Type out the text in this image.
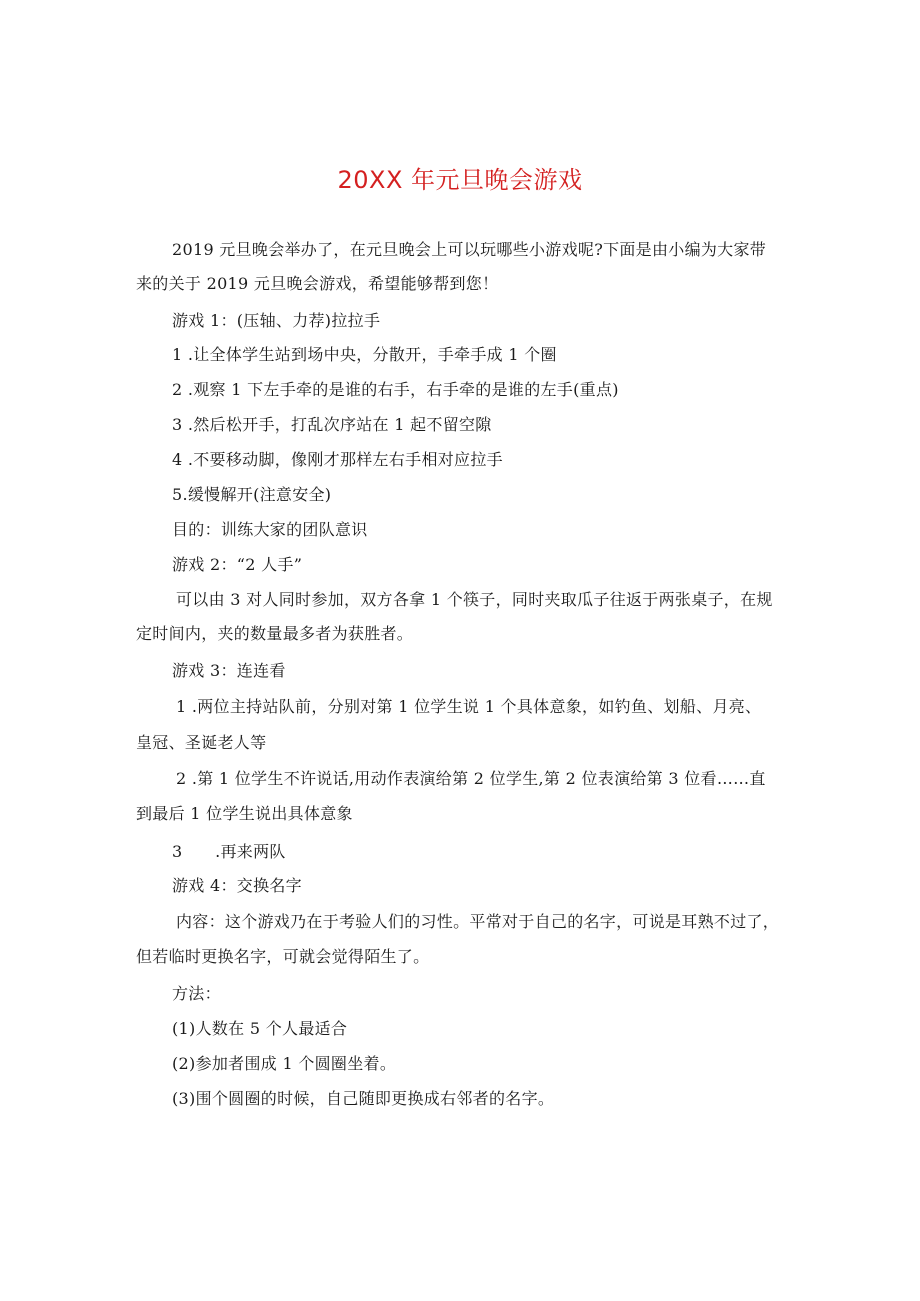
20XX 年元旦晚会游戏
2019 元旦晚会举办了，在元旦晚会上可以玩哪些小游戏呢?下面是由小编为大家带
来的关于 2019 元旦晚会游戏，希望能够帮到您！
游戏 1：(压轴、力荐)拉拉手
1 .让全体学生站到场中央，分散开，手牵手成 1 个圈
2 .观察 1 下左手牵的是谁的右手，右手牵的是谁的左手(重点)
3 .然后松开手，打乱次序站在 1 起不留空隙
4 .不要移动脚，像刚才那样左右手相对应拉手
5.缓慢解开(注意安全)
目的：训练大家的团队意识
游戏 2：“2 人手”
可以由 3 对人同时参加，双方各拿 1 个筷子，同时夹取瓜子往返于两张桌子，在规
定时间内，夹的数量最多者为获胜者。
游戏 3：连连看
1 .两位主持站队前，分别对第 1 位学生说 1 个具体意象，如钓鱼、划船、月亮、
皇冠、圣诞老人等
2 .第 1 位学生不许说话,用动作表演给第 2 位学生,第 2 位表演给第 3 位看……直
到最后 1 位学生说出具体意象
3　　.再来两队
游戏 4：交换名字
内容：这个游戏乃在于考验人们的习性。平常对于自己的名字，可说是耳熟不过了，
但若临时更换名字，可就会觉得陌生了。
方法：
(1)人数在 5 个人最适合
(2)参加者围成 1 个圆圈坐着。
(3)围个圆圈的时候，自己随即更换成右邻者的名字。
